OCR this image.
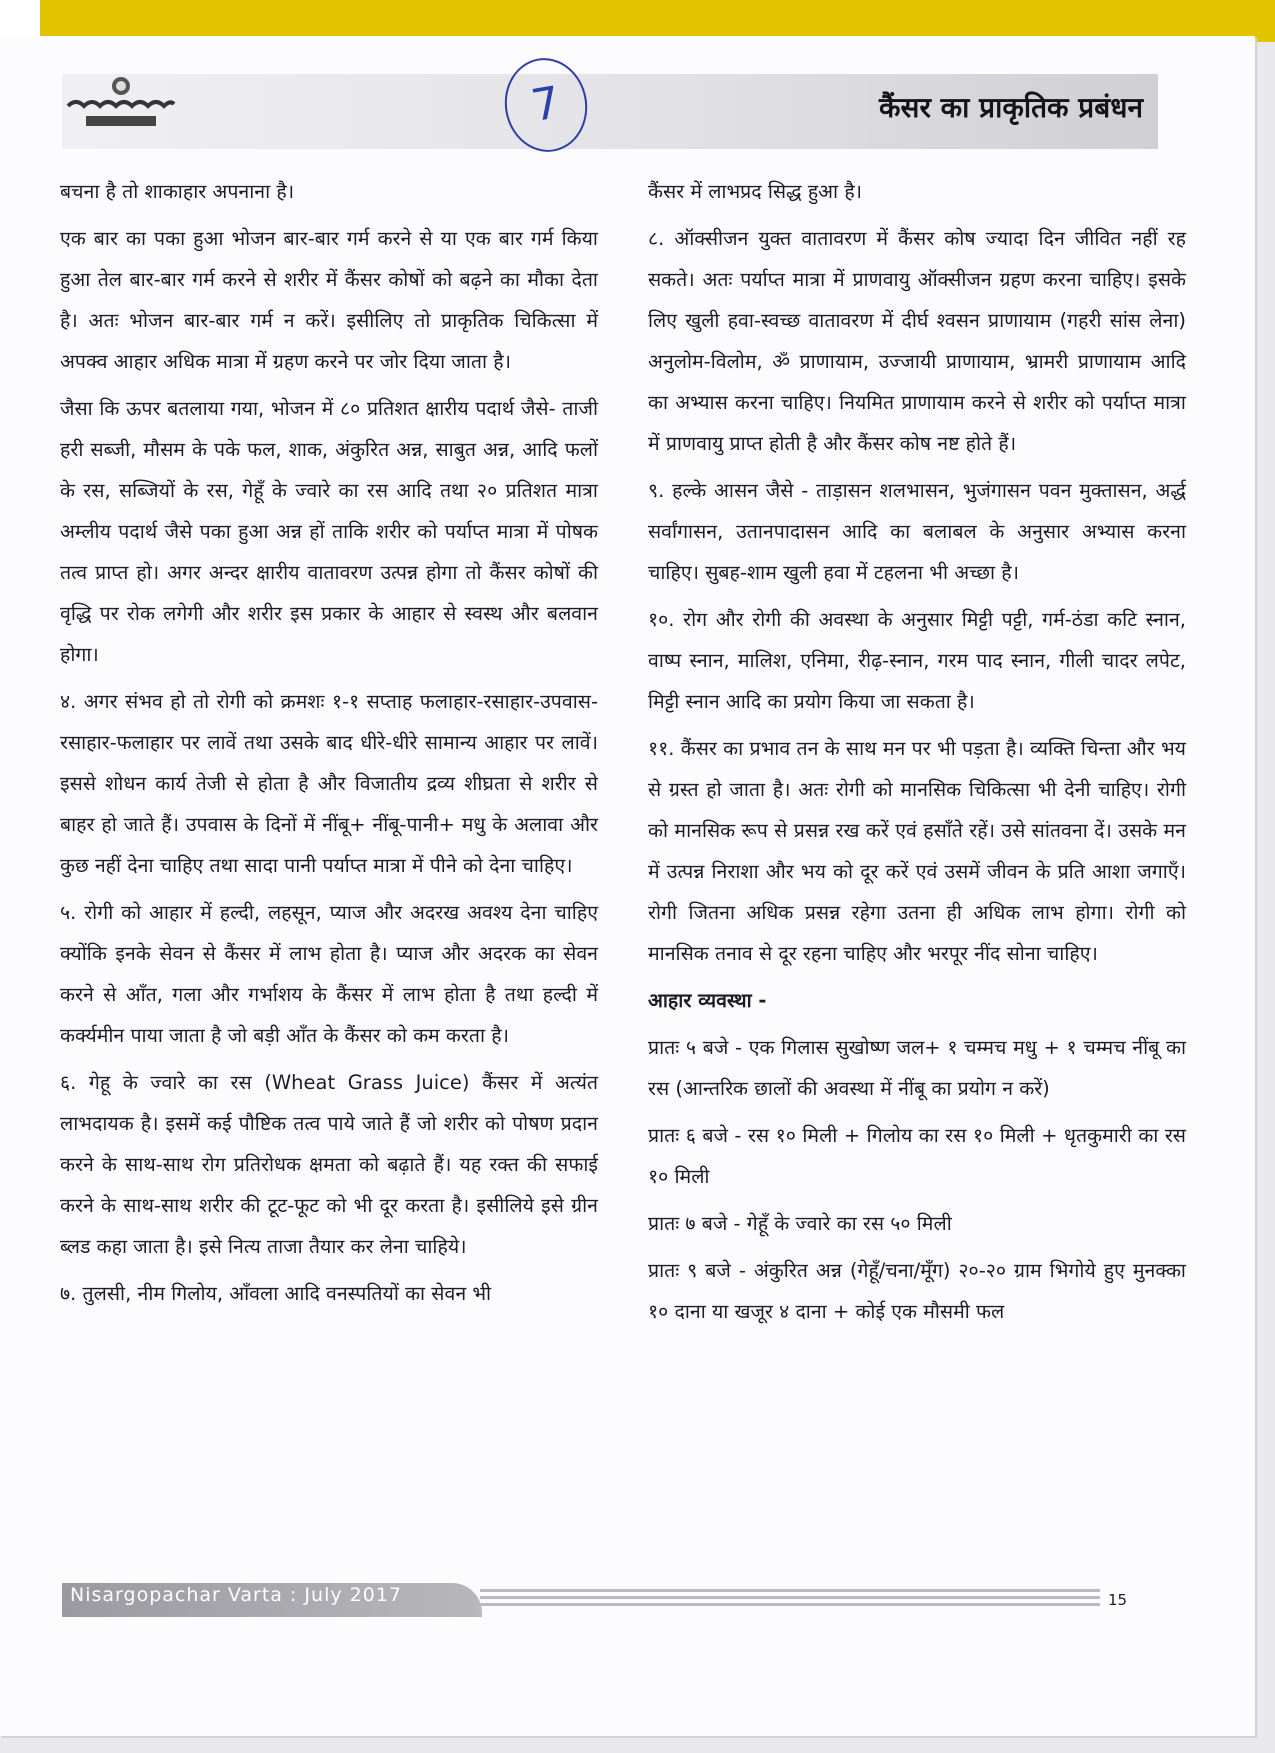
7	कैंसर का प्राकृतिक प्रबंधन

बचना है तो शाकाहार अपनाना है।

एक बार का पका हुआ भोजन बार-बार गर्म करने से या एक बार गर्म किया हुआ तेल बार-बार गर्म करने से शरीर में कैंसर कोषों को बढ़ने का मौका देता है। अतः भोजन बार-बार गर्म न करें। इसीलिए तो प्राकृतिक चिकित्सा में अपक्व आहार अधिक मात्रा में ग्रहण करने पर जोर दिया जाता है।

जैसा कि ऊपर बतलाया गया, भोजन में ८० प्रतिशत क्षारीय पदार्थ जैसे- ताजी हरी सब्जी, मौसम के पके फल, शाक, अंकुरित अन्न, साबुत अन्न, आदि फलों के रस, सब्जियों के रस, गेहूँ के ज्वारे का रस आदि तथा २० प्रतिशत मात्रा अम्लीय पदार्थ जैसे पका हुआ अन्न हों ताकि शरीर को पर्याप्त मात्रा में पोषक तत्व प्राप्त हो। अगर अन्दर क्षारीय वातावरण उत्पन्न होगा तो कैंसर कोषों की वृद्धि पर रोक लगेगी और शरीर इस प्रकार के आहार से स्वस्थ और बलवान होगा।

४. अगर संभव हो तो रोगी को क्रमशः १-१ सप्ताह फलाहार-रसाहार-उपवास-रसाहार-फलाहार पर लावें तथा उसके बाद धीरे-धीरे सामान्य आहार पर लावें। इससे शोधन कार्य तेजी से होता है और विजातीय द्रव्य शीघ्रता से शरीर से बाहर हो जाते हैं। उपवास के दिनों में नींबू+ नींबू-पानी+ मधु के अलावा और कुछ नहीं देना चाहिए तथा सादा पानी पर्याप्त मात्रा में पीने को देना चाहिए।

५. रोगी को आहार में हल्दी, लहसून, प्याज और अदरख अवश्य देना चाहिए क्योंकि इनके सेवन से कैंसर में लाभ होता है। प्याज और अदरक का सेवन करने से आँत, गला और गर्भाशय के कैंसर में लाभ होता है तथा हल्दी में कर्क्यमीन पाया जाता है जो बड़ी आँत के कैंसर को कम करता है।

६. गेहू के ज्वारे का रस (Wheat Grass Juice) कैंसर में अत्यंत लाभदायक है। इसमें कई पौष्टिक तत्व पाये जाते हैं जो शरीर को पोषण प्रदान करने के साथ-साथ रोग प्रतिरोधक क्षमता को बढ़ाते हैं। यह रक्त की सफाई करने के साथ-साथ शरीर की टूट-फूट को भी दूर करता है। इसीलिये इसे ग्रीन ब्लड कहा जाता है। इसे नित्य ताजा तैयार कर लेना चाहिये।

७. तुलसी, नीम गिलोय, आँवला आदि वनस्पतियों का सेवन भी

कैंसर में लाभप्रद सिद्ध हुआ है।

८. ऑक्सीजन युक्त वातावरण में कैंसर कोष ज्यादा दिन जीवित नहीं रह सकते। अतः पर्याप्त मात्रा में प्राणवायु ऑक्सीजन ग्रहण करना चाहिए। इसके लिए खुली हवा-स्वच्छ वातावरण में दीर्घ श्वसन प्राणायाम (गहरी सांस लेना) अनुलोम-विलोम, ॐ प्राणायाम, उज्जायी प्राणायाम, भ्रामरी प्राणायाम आदि का अभ्यास करना चाहिए। नियमित प्राणायाम करने से शरीर को पर्याप्त मात्रा में प्राणवायु प्राप्त होती है और कैंसर कोष नष्ट होते हैं।

९. हल्के आसन जैसे - ताड़ासन शलभासन, भुजंगासन पवन मुक्तासन, अर्द्ध सर्वांगासन, उतानपादासन आदि का बलाबल के अनुसार अभ्यास करना चाहिए। सुबह-शाम खुली हवा में टहलना भी अच्छा है।

१०. रोग और रोगी की अवस्था के अनुसार मिट्टी पट्टी, गर्म-ठंडा कटि स्नान, वाष्प स्नान, मालिश, एनिमा, रीढ़-स्नान, गरम पाद स्नान, गीली चादर लपेट, मिट्टी स्नान आदि का प्रयोग किया जा सकता है।

११. कैंसर का प्रभाव तन के साथ मन पर भी पड़ता है। व्यक्ति चिन्ता और भय से ग्रस्त हो जाता है। अतः रोगी को मानसिक चिकित्सा भी देनी चाहिए। रोगी को मानसिक रूप से प्रसन्न रख करें एवं हसाँते रहें। उसे सांतवना दें। उसके मन में उत्पन्न निराशा और भय को दूर करें एवं उसमें जीवन के प्रति आशा जगाएँ। रोगी जितना अधिक प्रसन्न रहेगा उतना ही अधिक लाभ होगा। रोगी को मानसिक तनाव से दूर रहना चाहिए और भरपूर नींद सोना चाहिए।

आहार व्यवस्था -

प्रातः ५ बजे - एक गिलास सुखोष्ण जल+ १ चम्मच मधु + १ चम्मच नींबू का रस (आन्तरिक छालों की अवस्था में नींबू का प्रयोग न करें)

प्रातः ६ बजे - रस १० मिली + गिलोय का रस १० मिली + धृतकुमारी का रस १० मिली

प्रातः ७ बजे - गेहूँ के ज्वारे का रस ५० मिली

प्रातः ९ बजे - अंकुरित अन्न (गेहूँ/चना/मूँग) २०-२० ग्राम भिगोये हुए मुनक्का १० दाना या खजूर ४ दाना + कोई एक मौसमी फल

Nisargopachar Varta : July 2017	15
